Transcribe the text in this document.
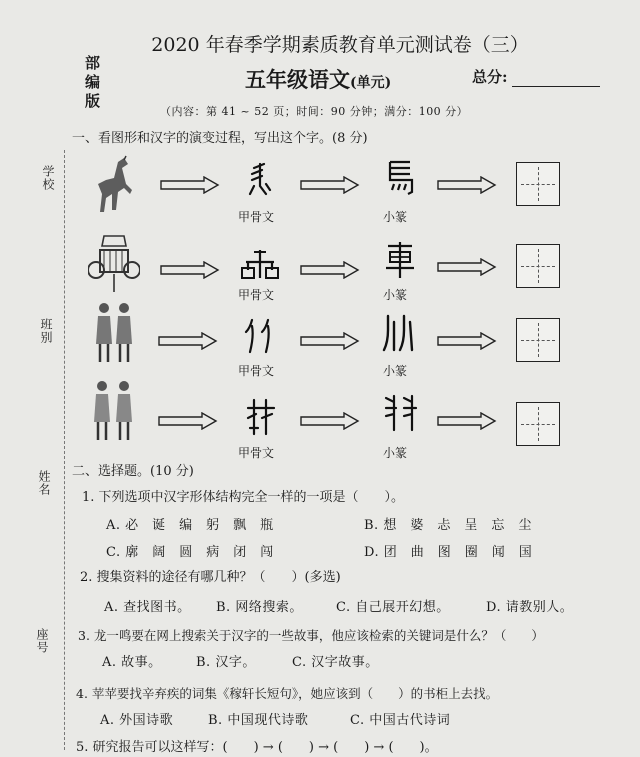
部编版
学校
班别
姓名
座号
2020 年春季学期素质教育单元测试卷（三）
五年级语文(单元)	总分:
（内容：第 41 ~ 52 页；时间：90 分钟；满分：100 分）
一、看图形和汉字的演变过程，写出这个字。(8 分)
甲骨文	小篆
甲骨文	小篆
甲骨文	小篆
甲骨文	小篆
二、选择题。(10 分)
1. 下列选项中汉字形体结构完全一样的一项是（　　）。
A. 必　诞　编　躬　飘　瓶	B. 想　婆　忐　呈　忘　尘
C. 廓　阔　圆　病　闭　闯	D. 团　曲　图　圈　闻　国
2. 搜集资料的途径有哪几种？（　　）(多选)
A. 查找图书。 B. 网络搜索。	C. 自己展开幻想。	D. 请教别人。
3. 龙一鸣要在网上搜索关于汉字的一些故事，他应该检索的关键词是什么？（　　）
A. 故事。	B. 汉字。	C. 汉字故事。
4. 苹苹要找辛弃疾的词集《稼轩长短句》，她应该到（　　）的书柜上去找。
A. 外国诗歌	B. 中国现代诗歌	C. 中国古代诗词
5. 研究报告可以这样写：(　　) → (　　) → (　　) → (　　)。
